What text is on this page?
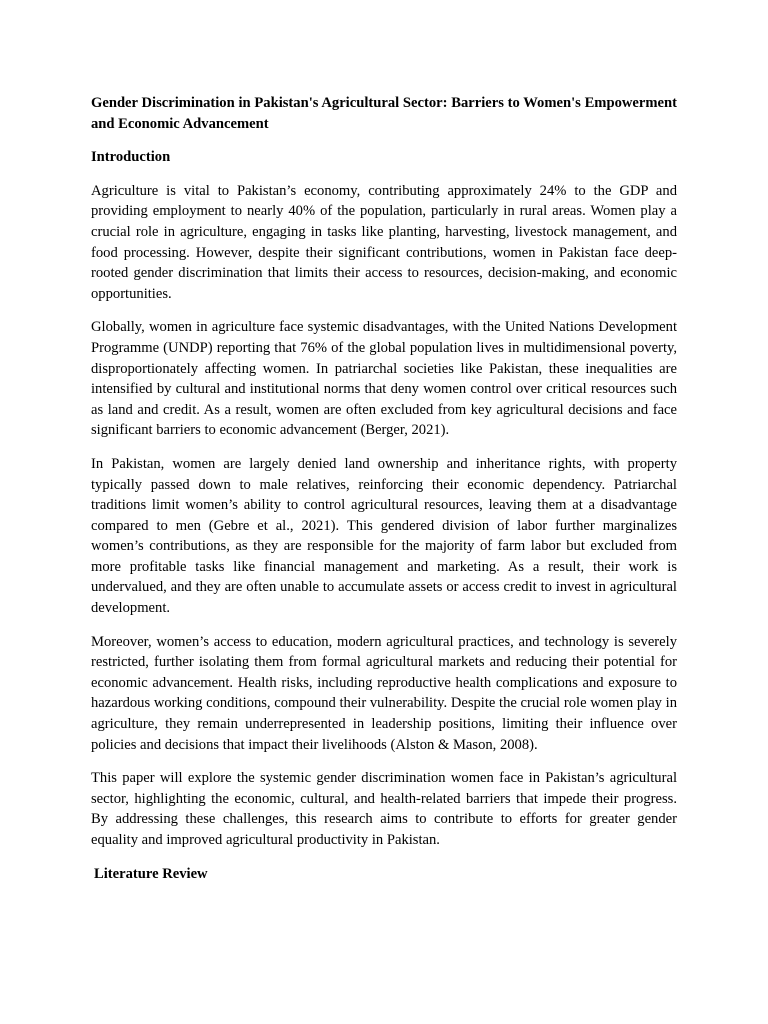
Gender Discrimination in Pakistan's Agricultural Sector: Barriers to Women's Empowerment and Economic Advancement

Introduction

Agriculture is vital to Pakistan’s economy, contributing approximately 24% to the GDP and providing employment to nearly 40% of the population, particularly in rural areas. Women play a crucial role in agriculture, engaging in tasks like planting, harvesting, livestock management, and food processing. However, despite their significant contributions, women in Pakistan face deep-rooted gender discrimination that limits their access to resources, decision-making, and economic opportunities.

Globally, women in agriculture face systemic disadvantages, with the United Nations Development Programme (UNDP) reporting that 76% of the global population lives in multidimensional poverty, disproportionately affecting women. In patriarchal societies like Pakistan, these inequalities are intensified by cultural and institutional norms that deny women control over critical resources such as land and credit. As a result, women are often excluded from key agricultural decisions and face significant barriers to economic advancement (Berger, 2021).

In Pakistan, women are largely denied land ownership and inheritance rights, with property typically passed down to male relatives, reinforcing their economic dependency. Patriarchal traditions limit women’s ability to control agricultural resources, leaving them at a disadvantage compared to men (Gebre et al., 2021). This gendered division of labor further marginalizes women’s contributions, as they are responsible for the majority of farm labor but excluded from more profitable tasks like financial management and marketing. As a result, their work is undervalued, and they are often unable to accumulate assets or access credit to invest in agricultural development.

Moreover, women’s access to education, modern agricultural practices, and technology is severely restricted, further isolating them from formal agricultural markets and reducing their potential for economic advancement. Health risks, including reproductive health complications and exposure to hazardous working conditions, compound their vulnerability. Despite the crucial role women play in agriculture, they remain underrepresented in leadership positions, limiting their influence over policies and decisions that impact their livelihoods (Alston & Mason, 2008).

This paper will explore the systemic gender discrimination women face in Pakistan’s agricultural sector, highlighting the economic, cultural, and health-related barriers that impede their progress. By addressing these challenges, this research aims to contribute to efforts for greater gender equality and improved agricultural productivity in Pakistan.

Literature Review
